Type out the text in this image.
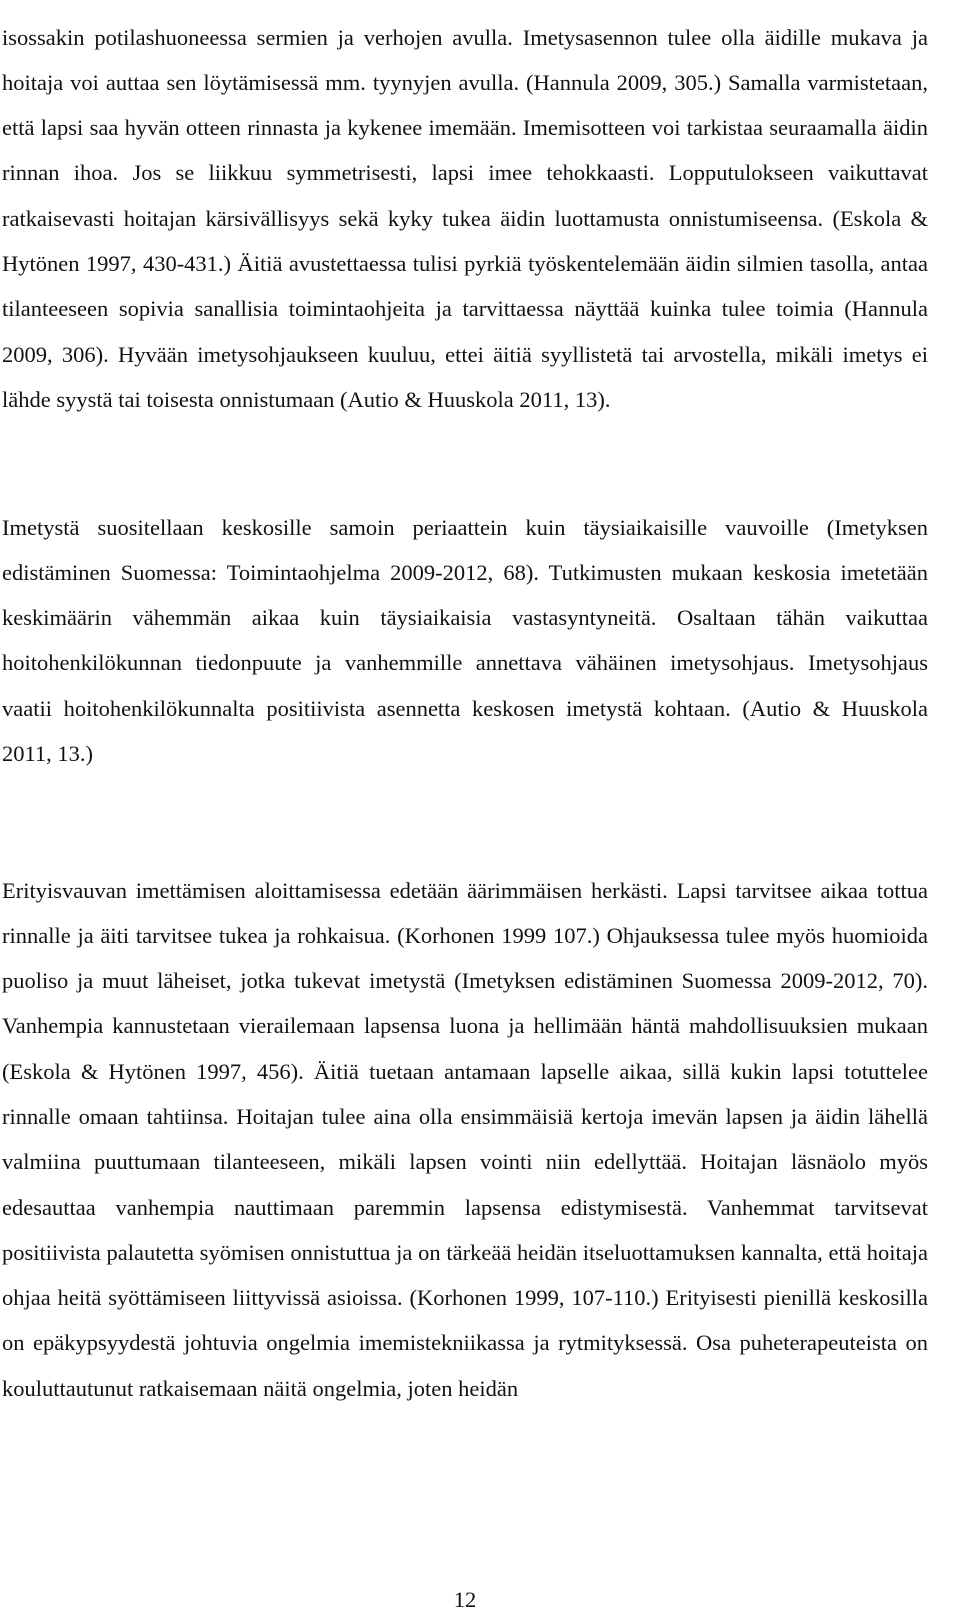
isossakin potilashuoneessa sermien ja verhojen avulla. Imetysasennon tulee olla äidille mukava ja hoitaja voi auttaa sen löytämisessä mm. tyynyjen avulla. (Hannula 2009, 305.) Samalla varmistetaan, että lapsi saa hyvän otteen rinnasta ja kykenee imemään. Imemisotteen voi tarkistaa seuraamalla äidin rinnan ihoa. Jos se liikkuu symmetrisesti, lapsi imee tehokkaasti. Lopputulokseen vaikuttavat ratkaisevasti hoitajan kärsivällisyys sekä kyky tukea äidin luottamusta onnistumiseensa. (Eskola & Hytönen 1997, 430-431.) Äitiä avustettaessa tulisi pyrkiä työskentelemään äidin silmien tasolla, antaa tilanteeseen sopivia sanallisia toimintaohjeita ja tarvittaessa näyttää kuinka tulee toimia (Hannula 2009, 306). Hyvään imetysohjaukseen kuuluu, ettei äitiä syyllistetä tai arvostella, mikäli imetys ei lähde syystä tai toisesta onnistumaan (Autio & Huuskola 2011, 13).

Imetystä suositellaan keskosille samoin periaattein kuin täysiaikaisille vauvoille (Imetyksen edistäminen Suomessa: Toimintaohjelma 2009-2012, 68). Tutkimusten mukaan keskosia imetetään keskimäärin vähemmän aikaa kuin täysiaikaisia vastasyntyneitä. Osaltaan tähän vaikuttaa hoitohenkilökunnan tiedonpuute ja vanhemmille annettava vähäinen imetysohjaus. Imetysohjaus vaatii hoitohenkilökunnalta positiivista asennetta keskosen imetystä kohtaan. (Autio & Huuskola 2011, 13.)

Erityisvauvan imettämisen aloittamisessa edetään äärimmäisen herkästi. Lapsi tarvitsee aikaa tottua rinnalle ja äiti tarvitsee tukea ja rohkaisua. (Korhonen 1999 107.) Ohjauksessa tulee myös huomioida puoliso ja muut läheiset, jotka tukevat imetystä (Imetyksen edistäminen Suomessa 2009-2012, 70). Vanhempia kannustetaan vierailemaan lapsensa luona ja hellimään häntä mahdollisuuksien mukaan (Eskola & Hytönen 1997, 456). Äitiä tuetaan antamaan lapselle aikaa, sillä kukin lapsi totuttelee rinnalle omaan tahtiinsa. Hoitajan tulee aina olla ensimmäisiä kertoja imevän lapsen ja äidin lähellä valmiina puuttumaan tilanteeseen, mikäli lapsen vointi niin edellyttää. Hoitajan läsnäolo myös edesauttaa vanhempia nauttimaan paremmin lapsensa edistymisestä. Vanhemmat tarvitsevat positiivista palautetta syömisen onnistuttua ja on tärkeää heidän itseluottamuksen kannalta, että hoitaja ohjaa heitä syöttämiseen liittyvissä asioissa. (Korhonen 1999, 107-110.) Erityisesti pienillä keskosilla on epäkypsyydestä johtuvia ongelmia imemistekniikassa ja rytmityksessä. Osa puheterapeuteista on kouluttautunut ratkaisemaan näitä ongelmia, joten heidän

12
